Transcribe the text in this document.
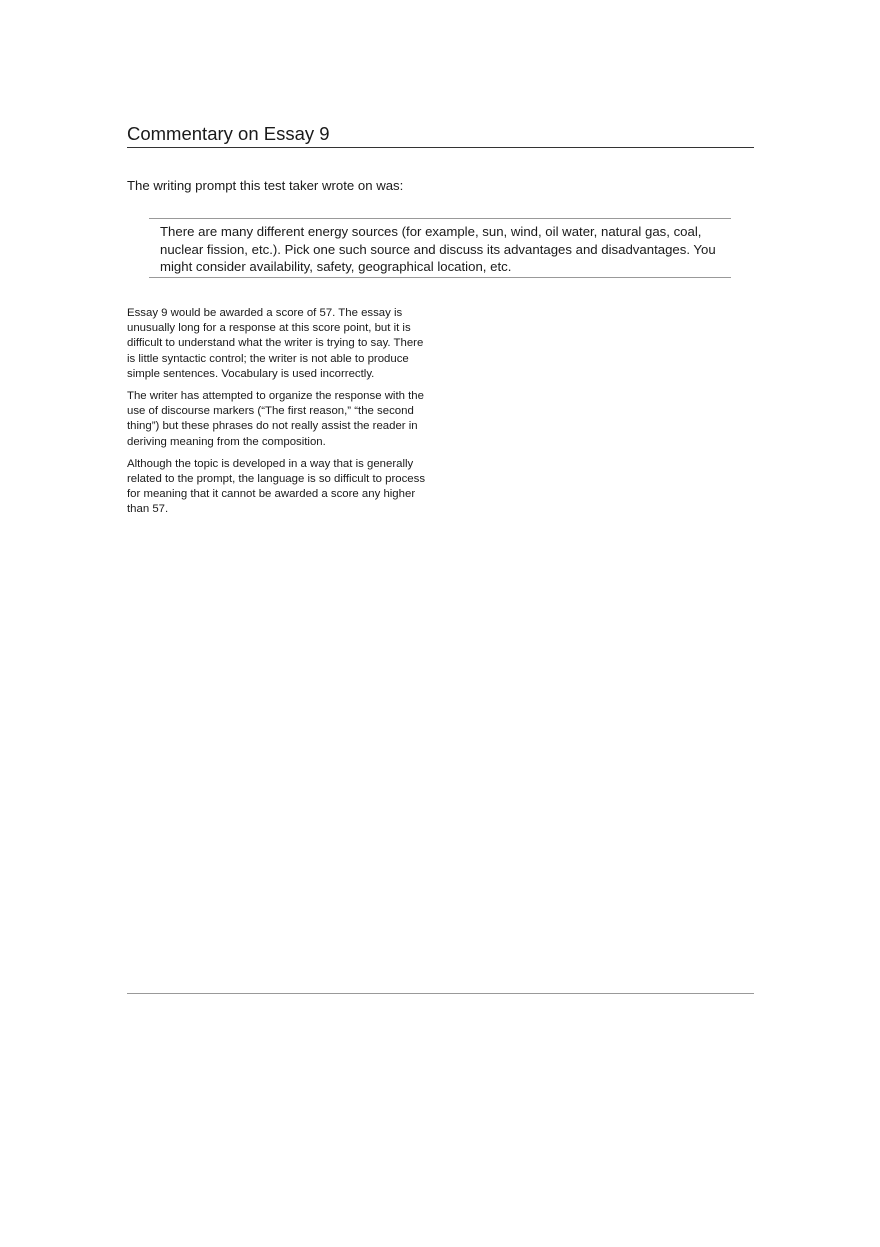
Commentary on Essay 9

The writing prompt this test taker wrote on was:

There are many different energy sources (for example, sun, wind, oil water, natural gas, coal, nuclear fission, etc.). Pick one such source and discuss its advantages and disadvantages. You might consider availability, safety, geographical location, etc.

Essay 9 would be awarded a score of 57. The essay is unusually long for a response at this score point, but it is difficult to understand what the writer is trying to say. There is little syntactic control; the writer is not able to produce simple sentences. Vocabulary is used incorrectly.

The writer has attempted to organize the response with the use of discourse markers (“The first reason,” “the second thing”) but these phrases do not really assist the reader in deriving meaning from the composition.

Although the topic is developed in a way that is generally related to the prompt, the language is so difficult to process for meaning that it cannot be awarded a score any higher than 57.
